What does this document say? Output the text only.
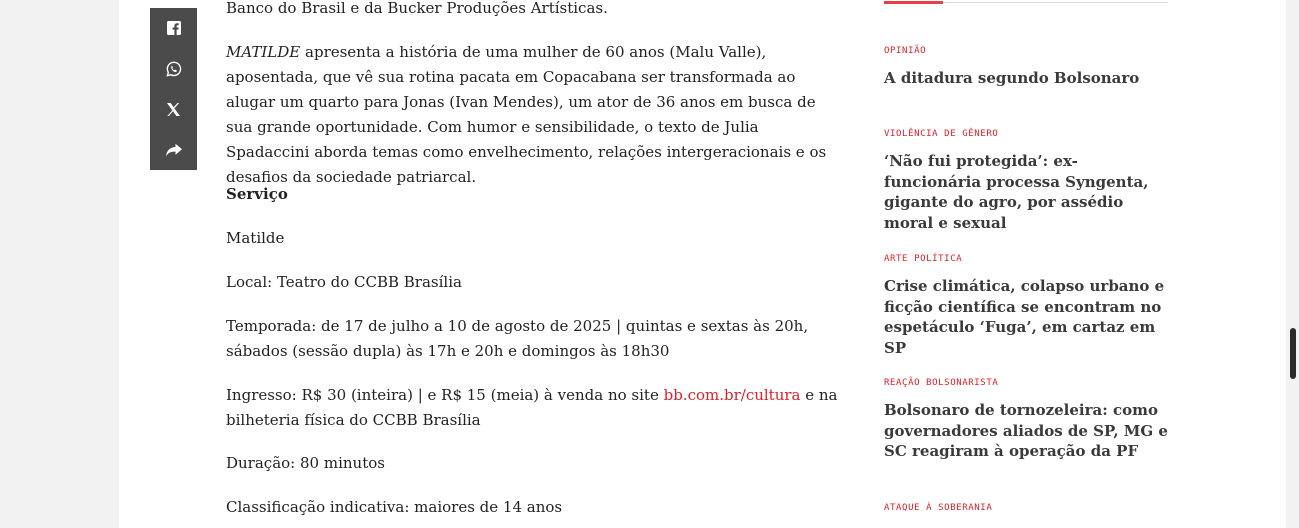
Banco do Brasil e da Bucker Produções Artísticas.

MATILDE apresenta a história de uma mulher de 60 anos (Malu Valle), aposentada, que vê sua rotina pacata em Copacabana ser transformada ao alugar um quarto para Jonas (Ivan Mendes), um ator de 36 anos em busca de sua grande oportunidade. Com humor e sensibilidade, o texto de Julia Spadaccini aborda temas como envelhecimento, relações intergeracionais e os desafios da sociedade patriarcal.

Serviço

Matilde

Local: Teatro do CCBB Brasília

Temporada: de 17 de julho a 10 de agosto de 2025 | quintas e sextas às 20h, sábados (sessão dupla) às 17h e 20h e domingos às 18h30

Ingresso: R$ 30 (inteira) | e R$ 15 (meia) à venda no site bb.com.br/cultura e na bilheteria física do CCBB Brasília

Duração: 80 minutos

Classificação indicativa: maiores de 14 anos

OPINIÃO
A ditadura segundo Bolsonaro
VIOLÊNCIA DE GÊNERO
‘Não fui protegida’: ex-funcionária processa Syngenta, gigante do agro, por assédio moral e sexual
ARTE POLÍTICA
Crise climática, colapso urbano e ficção científica se encontram no espetáculo ‘Fuga’, em cartaz em SP
REAÇÃO BOLSONARISTA
Bolsonaro de tornozeleira: como governadores aliados de SP, MG e SC reagiram à operação da PF
ATAQUE À SOBERANIA
